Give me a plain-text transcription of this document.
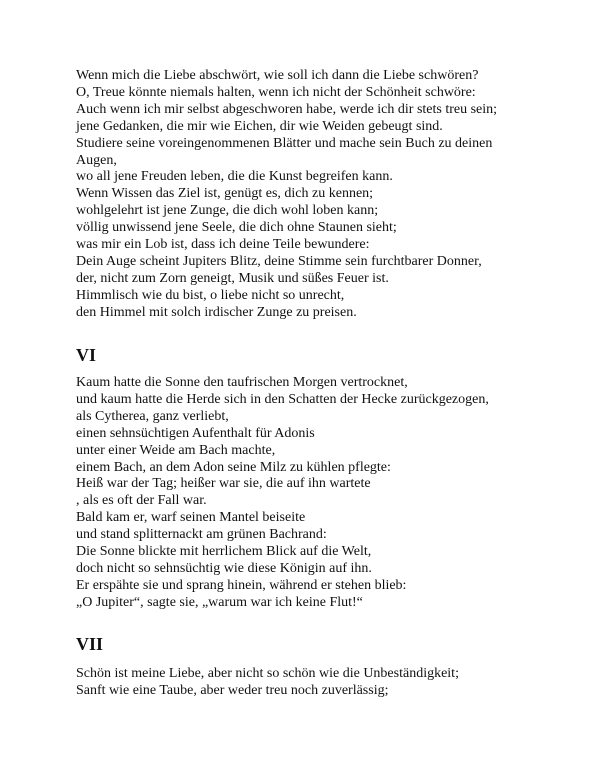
Wenn mich die Liebe abschwört, wie soll ich dann die Liebe schwören?
O, Treue könnte niemals halten, wenn ich nicht der Schönheit schwöre:
Auch wenn ich mir selbst abgeschworen habe, werde ich dir stets treu sein;
jene Gedanken, die mir wie Eichen, dir wie Weiden gebeugt sind.
Studiere seine voreingenommenen Blätter und mache sein Buch zu deinen
Augen,
wo all jene Freuden leben, die die Kunst begreifen kann.
Wenn Wissen das Ziel ist, genügt es, dich zu kennen;
wohlgelehrt ist jene Zunge, die dich wohl loben kann;
völlig unwissend jene Seele, die dich ohne Staunen sieht;
was mir ein Lob ist, dass ich deine Teile bewundere:
Dein Auge scheint Jupiters Blitz, deine Stimme sein furchtbarer Donner,
der, nicht zum Zorn geneigt, Musik und süßes Feuer ist.
Himmlisch wie du bist, o liebe nicht so unrecht,
den Himmel mit solch irdischer Zunge zu preisen.
VI
Kaum hatte die Sonne den taufrischen Morgen vertrocknet,
und kaum hatte die Herde sich in den Schatten der Hecke zurückgezogen,
als Cytherea, ganz verliebt,
einen sehnsüchtigen Aufenthalt für Adonis
unter einer Weide am Bach machte,
einem Bach, an dem Adon seine Milz zu kühlen pflegte:
Heiß war der Tag; heißer war sie, die auf ihn wartete
, als es oft der Fall war.
Bald kam er, warf seinen Mantel beiseite
und stand splitternackt am grünen Bachrand:
Die Sonne blickte mit herrlichem Blick auf die Welt,
doch nicht so sehnsüchtig wie diese Königin auf ihn.
Er erspähte sie und sprang hinein, während er stehen blieb:
„O Jupiter“, sagte sie, „warum war ich keine Flut!“
VII
Schön ist meine Liebe, aber nicht so schön wie die Unbeständigkeit;
Sanft wie eine Taube, aber weder treu noch zuverlässig;
